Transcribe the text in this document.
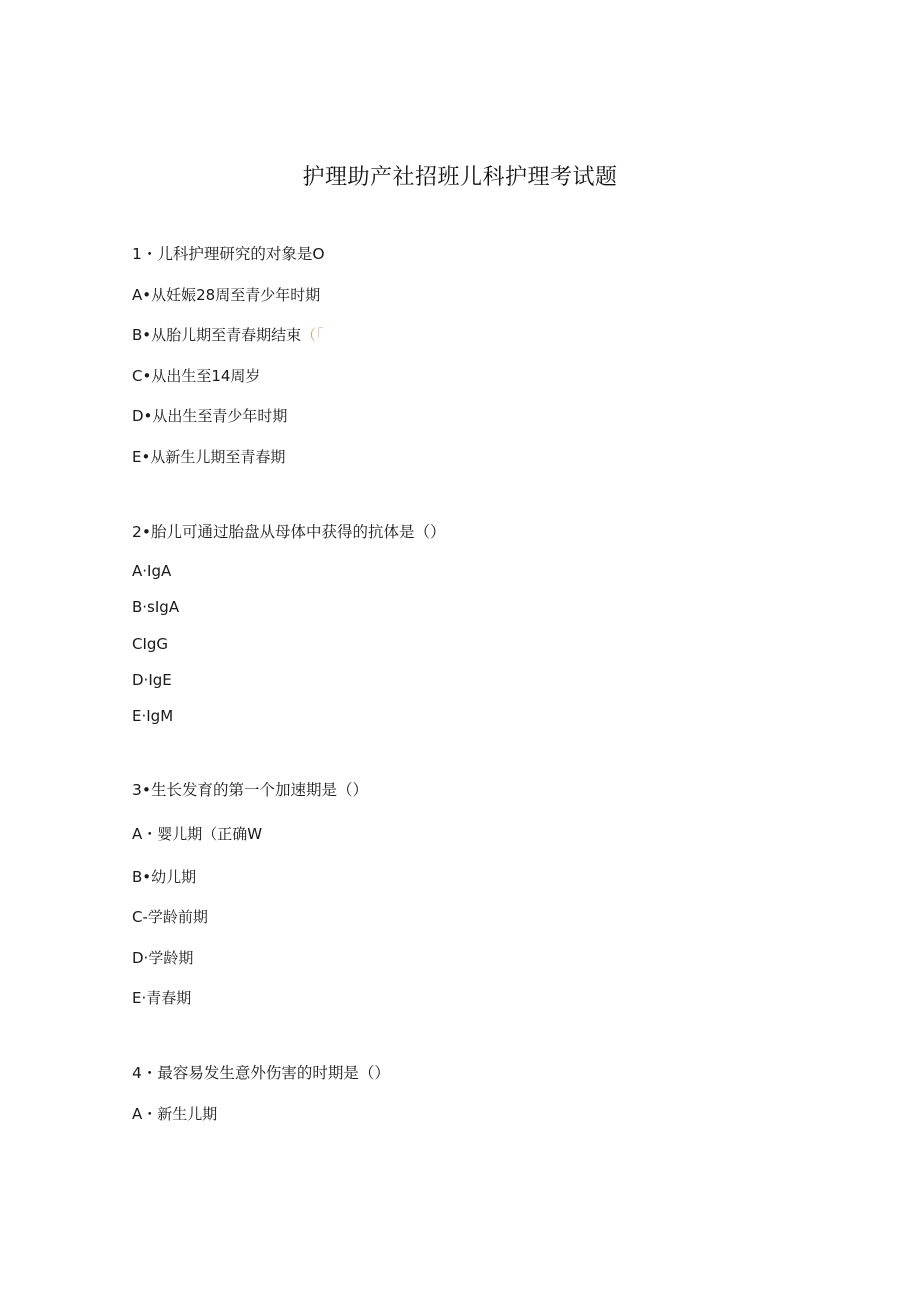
护理助产社招班儿科护理考试题
1・儿科护理研究的对象是O
A•从妊娠28周至青少年时期
B•从胎儿期至青春期结束（「
C•从出生至14周岁
D•从出生至青少年时期
E•从新生儿期至青春期
2•胎儿可通过胎盘从母体中获得的抗体是（）
A·IgA
B·sIgA
CIgG
D·IgE
E·IgM
3•生长发育的第一个加速期是（）
A・婴儿期（正确W
B•幼儿期
C-学龄前期
D·学龄期
E·青春期
4・最容易发生意外伤害的时期是（）
A・新生儿期
